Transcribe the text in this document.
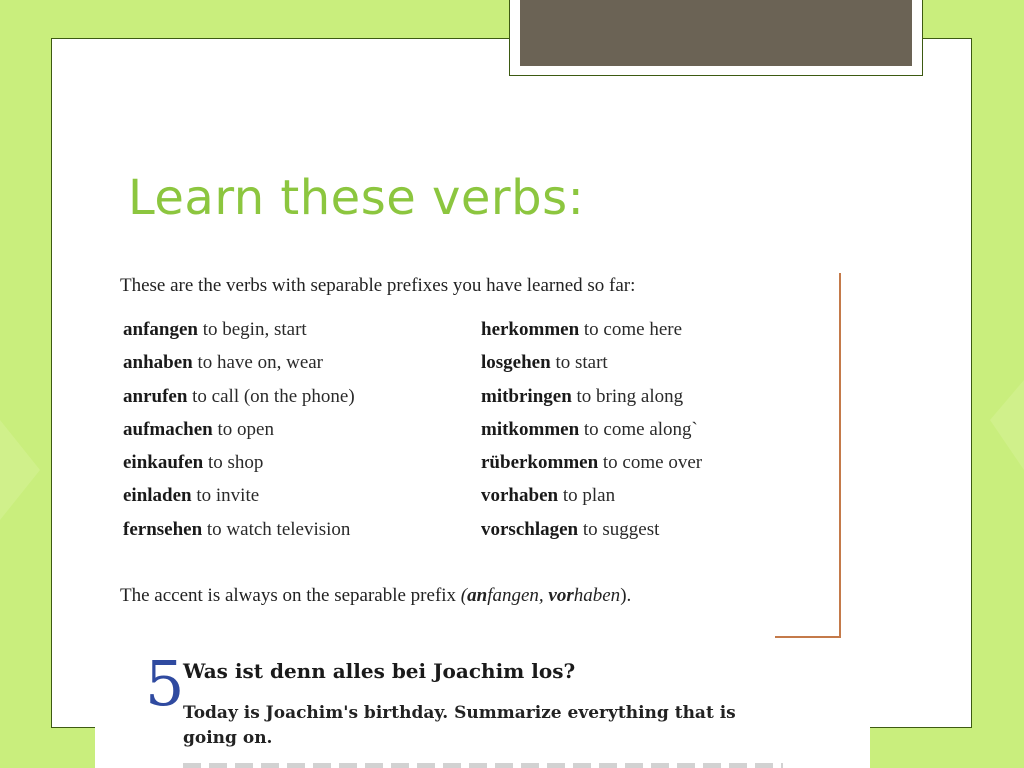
Learn these verbs:

These are the verbs with separable prefixes you have learned so far:

anfangen to begin, start
anhaben to have on, wear
anrufen to call (on the phone)
aufmachen to open
einkaufen to shop
einladen to invite
fernsehen to watch television
herkommen to come here
losgehen to start
mitbringen to bring along
mitkommen to come along`
rüberkommen to come over
vorhaben to plan
vorschlagen to suggest

The accent is always on the separable prefix (anfangen, vorhaben).

5
Was ist denn alles bei Joachim los?

Today is Joachim's birthday. Summarize everything that is going on.
